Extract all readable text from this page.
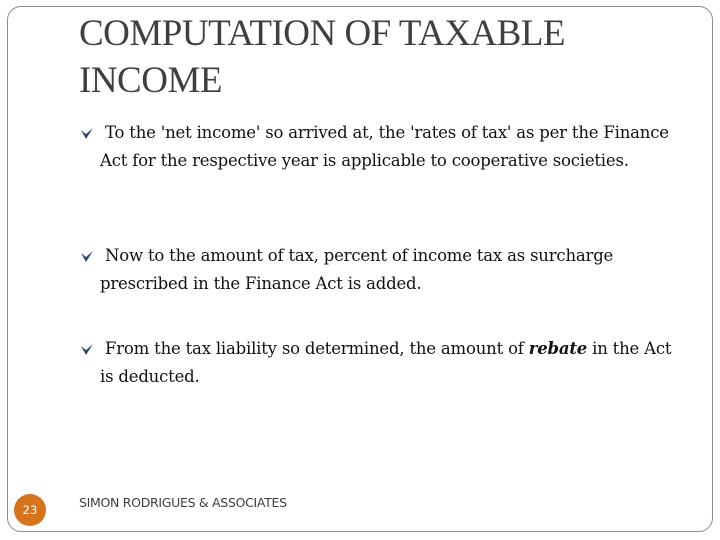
COMPUTATION OF TAXABLE INCOME
To the 'net income' so arrived at, the 'rates of tax' as per the Finance Act for the respective year is applicable to cooperative societies.
Now to the amount of tax, percent of income tax as surcharge prescribed in the Finance Act is added.
From the tax liability so determined, the amount of rebate in the Act is deducted.
23	SIMON RODRIGUES & ASSOCIATES
